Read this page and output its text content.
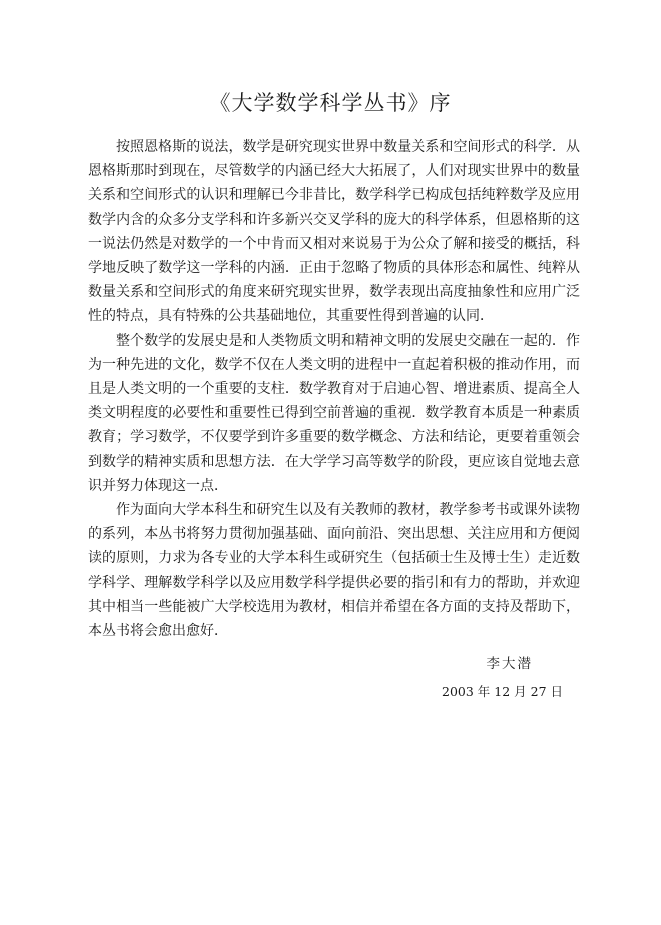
《大学数学科学丛书》序

按照恩格斯的说法，数学是研究现实世界中数量关系和空间形式的科学．从恩格斯那时到现在，尽管数学的内涵已经大大拓展了，人们对现实世界中的数量关系和空间形式的认识和理解已今非昔比，数学科学已构成包括纯粹数学及应用数学内含的众多分支学科和许多新兴交叉学科的庞大的科学体系，但恩格斯的这一说法仍然是对数学的一个中肯而又相对来说易于为公众了解和接受的概括，科学地反映了数学这一学科的内涵．正由于忽略了物质的具体形态和属性、纯粹从数量关系和空间形式的角度来研究现实世界，数学表现出高度抽象性和应用广泛性的特点，具有特殊的公共基础地位，其重要性得到普遍的认同．

整个数学的发展史是和人类物质文明和精神文明的发展史交融在一起的．作为一种先进的文化，数学不仅在人类文明的进程中一直起着积极的推动作用，而且是人类文明的一个重要的支柱．数学教育对于启迪心智、增进素质、提高全人类文明程度的必要性和重要性已得到空前普遍的重视．数学教育本质是一种素质教育；学习数学，不仅要学到许多重要的数学概念、方法和结论，更要着重领会到数学的精神实质和思想方法．在大学学习高等数学的阶段，更应该自觉地去意识并努力体现这一点．

作为面向大学本科生和研究生以及有关教师的教材，教学参考书或课外读物的系列，本丛书将努力贯彻加强基础、面向前沿、突出思想、关注应用和方便阅读的原则，力求为各专业的大学本科生或研究生（包括硕士生及博士生）走近数学科学、理解数学科学以及应用数学科学提供必要的指引和有力的帮助，并欢迎其中相当一些能被广大学校选用为教材，相信并希望在各方面的支持及帮助下，本丛书将会愈出愈好．

李大潜
2003 年 12 月 27 日
